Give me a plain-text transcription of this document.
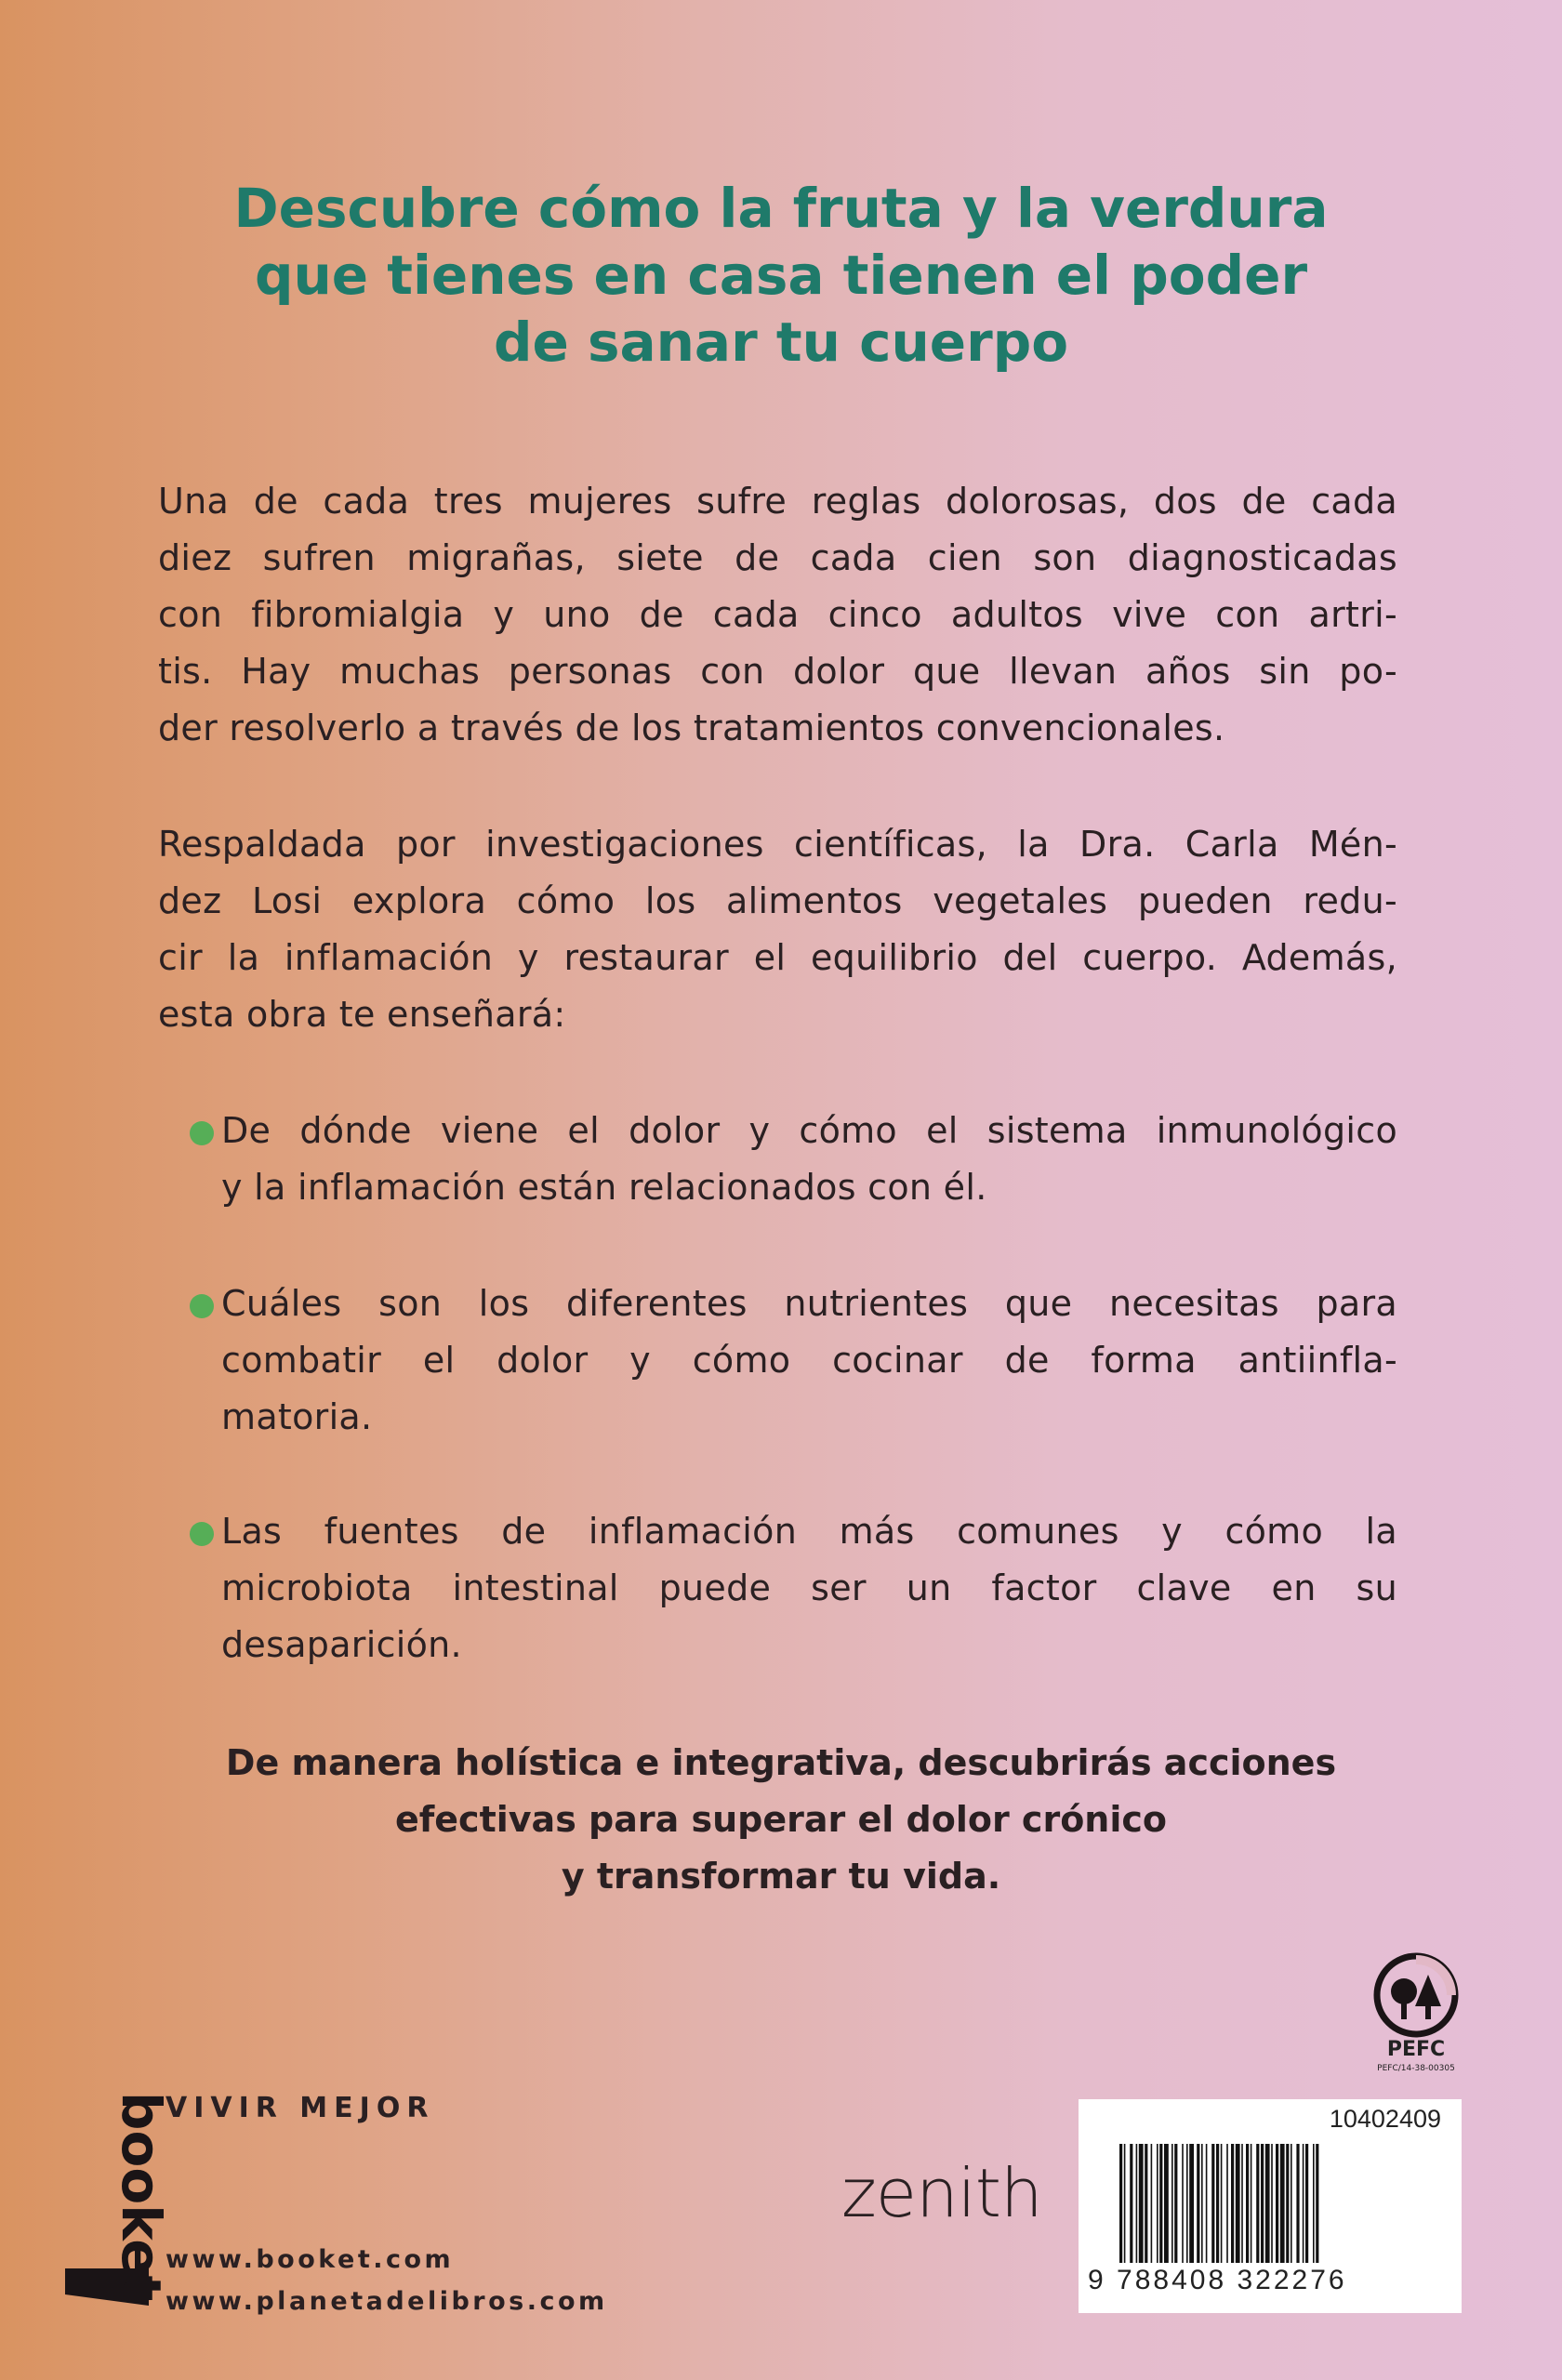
Descubre cómo la fruta y la verdura
que tienes en casa tienen el poder
de sanar tu cuerpo
Una de cada tres mujeres sufre reglas dolorosas, dos de cada
diez sufren migrañas, siete de cada cien son diagnosticadas
con fibromialgia y uno de cada cinco adultos vive con artri-
tis. Hay muchas personas con dolor que llevan años sin po-
der resolverlo a través de los tratamientos convencionales.
Respaldada por investigaciones científicas, la Dra. Carla Mén-
dez Losi explora cómo los alimentos vegetales pueden redu-
cir la inflamación y restaurar el equilibrio del cuerpo. Además,
esta obra te enseñará:
De dónde viene el dolor y cómo el sistema inmunológico
y la inflamación están relacionados con él.
Cuáles son los diferentes nutrientes que necesitas para
combatir el dolor y cómo cocinar de forma antiinfla-
matoria.
Las fuentes de inflamación más comunes y cómo la
microbiota intestinal puede ser un factor clave en su
desaparición.
De manera holística e integrativa, descubrirás acciones
efectivas para superar el dolor crónico
y transformar tu vida.
booket
VIVIR MEJOR
www.booket.com
www.planetadelibros.com
zenith
PEFC
PEFC/14-38-00305
10402409
9 788408 322276
